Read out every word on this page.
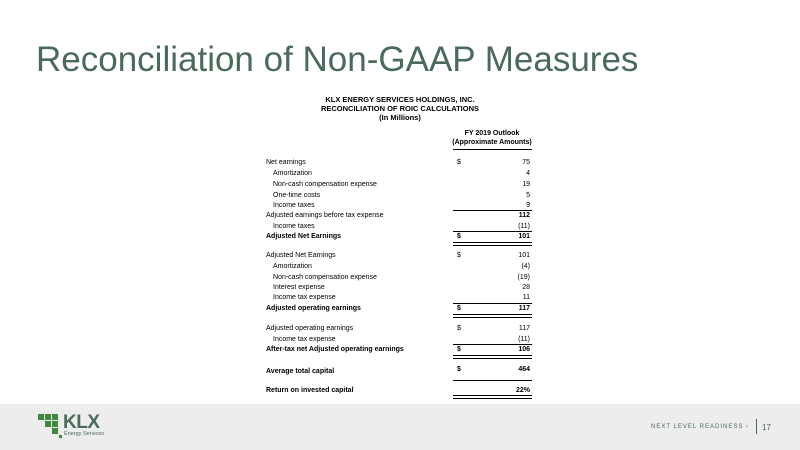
Reconciliation of Non-GAAP Measures
KLX ENERGY SERVICES HOLDINGS, INC.
RECONCILIATION OF ROIC CALCULATIONS
(In Millions)
FY 2019 Outlook
(Approximate Amounts)
Net earnings	$	75
Amortization	4
Non-cash compensation expense	19
One-time costs	5
Income taxes	9
Adjusted earnings before tax expense	112
Income taxes	(11)
Adjusted Net Earnings	$	101
Adjusted Net Earnings	$	101
Amortization	(4)
Non-cash compensation expense	(19)
Interest expense	28
Income tax expense	11
Adjusted operating earnings	$	117
Adjusted operating earnings	$	117
Income tax expense	(11)
After-tax net Adjusted operating earnings	$	106
Average total capital	$	464
Return on invested capital	22%
KLX
Energy Services
NEXT LEVEL READINESS › 17
